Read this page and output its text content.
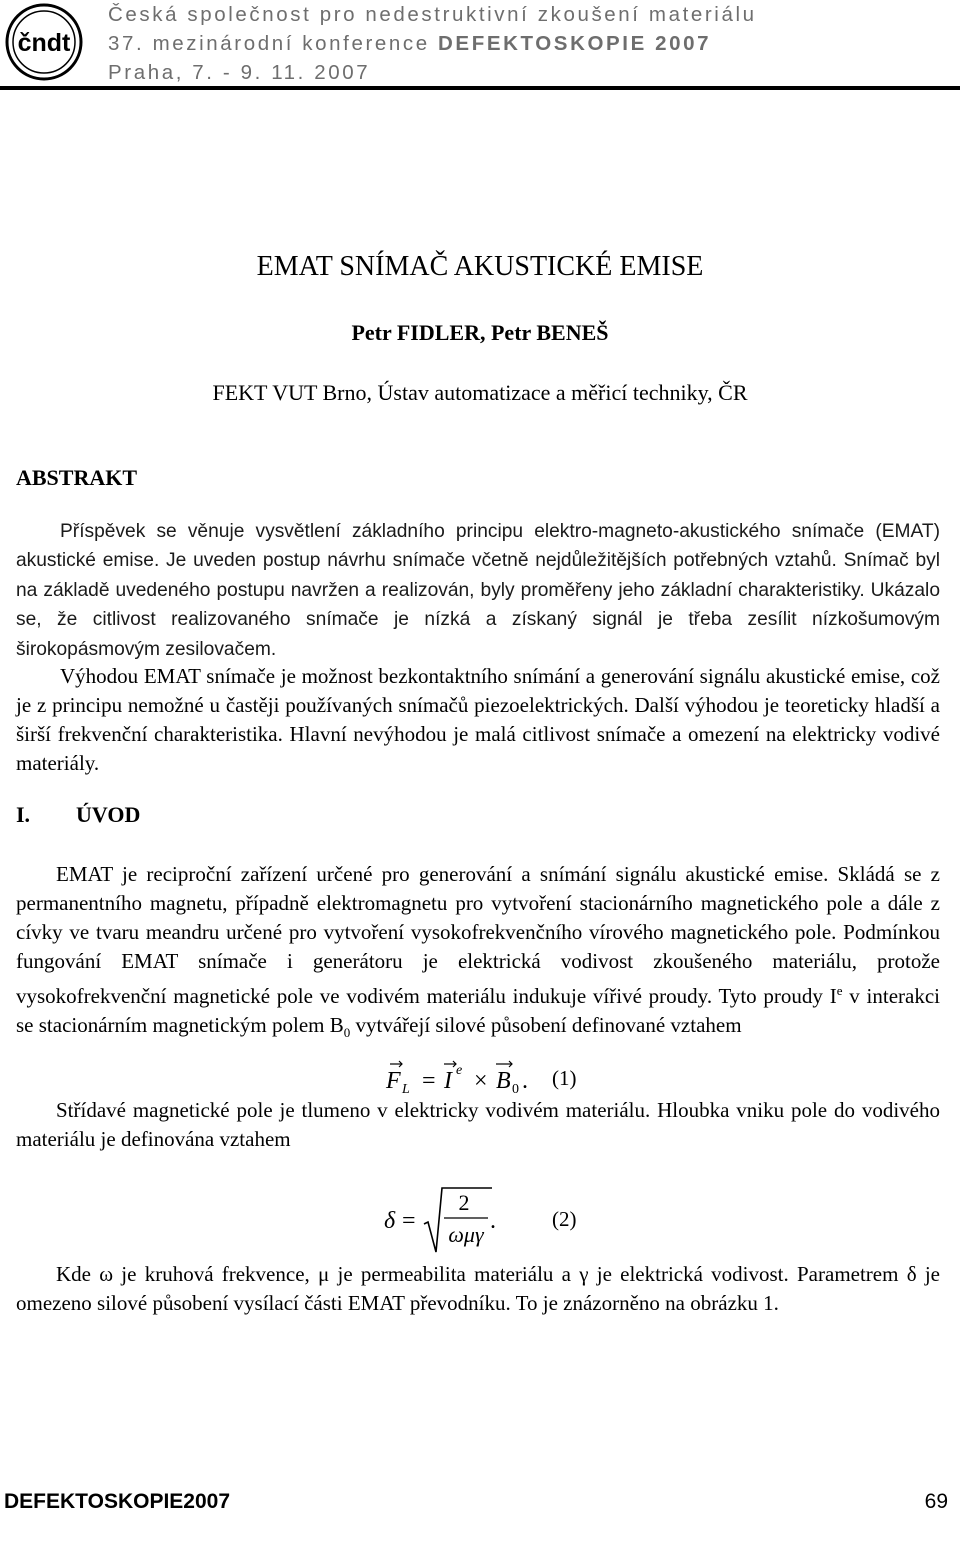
čndt
Česká společnost pro nedestruktivní zkoušení materiálu
37. mezinárodní konference DEFEKTOSKOPIE 2007
Praha, 7. - 9. 11. 2007
EMAT SNÍMAČ AKUSTICKÉ EMISE
Petr FIDLER, Petr BENEŠ
FEKT VUT Brno, Ústav automatizace a měřicí techniky, ČR
ABSTRAKT

Příspěvek se věnuje vysvětlení základního principu elektro-magneto-akustického snímače (EMAT) akustické emise. Je uveden postup návrhu snímače včetně nejdůležitějších potřebných vztahů. Snímač byl na základě uvedeného postupu navržen a realizován, byly proměřeny jeho základní charakteristiky. Ukázalo se, že citlivost realizovaného snímače je nízká a získaný signál je třeba zesílit nízkošumovým širokopásmovým zesilovačem.

Výhodou EMAT snímače je možnost bezkontaktního snímání a generování signálu akustické emise, což je z principu nemožné u častěji používaných snímačů piezoelektrických. Další výhodou je teoreticky hladší a širší frekvenční charakteristika. Hlavní nevýhodou je malá citlivost snímače a omezení na elektricky vodivé materiály.

I. ÚVOD

EMAT je reciproční zařízení určené pro generování a snímání signálu akustické emise. Skládá se z permanentního magnetu, případně elektromagnetu pro vytvoření stacionárního magnetického pole a dále z cívky ve tvaru meandru určené pro vytvoření vysokofrekvenčního vírového magnetického pole. Podmínkou fungování EMAT snímače i generátoru je elektrická vodivost zkoušeného materiálu, protože vysokofrekvenční magnetické pole ve vodivém materiálu indukuje vířivé proudy. Tyto proudy Ie v interakci se stacionárním magnetickým polem $B_0$ vytvářejí silové působení definované vztahem

F L = I e × B 0 . (1)

Střídavé magnetické pole je tlumeno v elektricky vodivém materiálu. Hloubka vniku pole do vodivého materiálu je definována vztahem

δ =
2
ωμγ
.	(2)

Kde ω je kruhová frekvence, μ je permeabilita materiálu a γ je elektrická vodivost. Parametrem δ je omezeno silové působení vysílací části EMAT převodníku. To je znázorněno na obrázku 1.

DEFEKTOSKOPIE2007	69
